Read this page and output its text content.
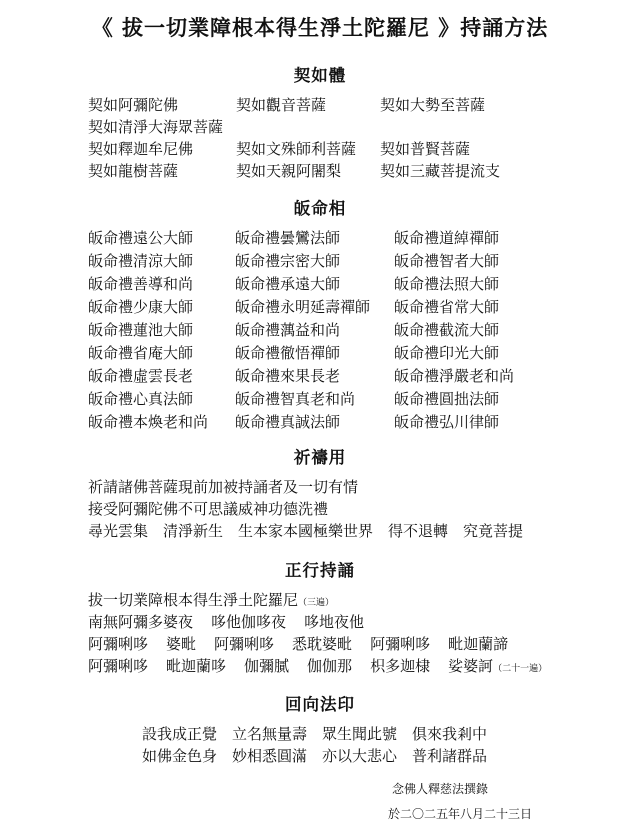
《 拔一切業障根本得生淨土陀羅尼 》持誦方法
契如體
契如阿彌陀佛	契如觀音菩薩	契如大勢至菩薩
契如清淨大海眾菩薩
契如釋迦牟尼佛	契如文殊師利菩薩 契如普賢菩薩
契如龍樹菩薩	契如天親阿闍梨	契如三藏菩提流支
皈命相
皈命禮遠公大師	皈命禮曇鸞法師	皈命禮道綽禪師
皈命禮清涼大師	皈命禮宗密大師	皈命禮智者大師
皈命禮善導和尚	皈命禮承遠大師	皈命禮法照大師
皈命禮少康大師	皈命禮永明延壽禪師 皈命禮省常大師
皈命禮蓮池大師	皈命禮蕅益和尚	皈命禮截流大師
皈命禮省庵大師	皈命禮徹悟禪師	皈命禮印光大師
皈命禮虛雲長老	皈命禮來果長老	皈命禮淨嚴老和尚
皈命禮心真法師	皈命禮智真老和尚	皈命禮圓拙法師
皈命禮本煥老和尚 皈命禮真誠法師	皈命禮弘川律師
祈禱用
祈請諸佛菩薩現前加被持誦者及一切有情
接受阿彌陀佛不可思議威神功德洗禮
尋光雲集　清淨新生　生本家本國極樂世界　得不退轉　究竟菩提
正行持誦
拔一切業障根本得生淨土陀羅尼（三遍）
南無阿彌多婆夜 哆他伽哆夜 哆地夜他
阿彌唎哆 婆毗 阿彌唎哆 悉耽婆毗 阿彌唎哆 毗迦蘭諦
阿彌唎哆 毗迦蘭哆 伽彌膩 伽伽那 枳多迦棣 娑婆訶（二十一遍）
回向法印
設我成正覺　立名無量壽　眾生聞此號　俱來我剎中
如佛金色身　妙相悉圓滿　亦以大悲心　普利諸群品
念佛人釋慈法撰錄
於二〇二五年八月二十三日
